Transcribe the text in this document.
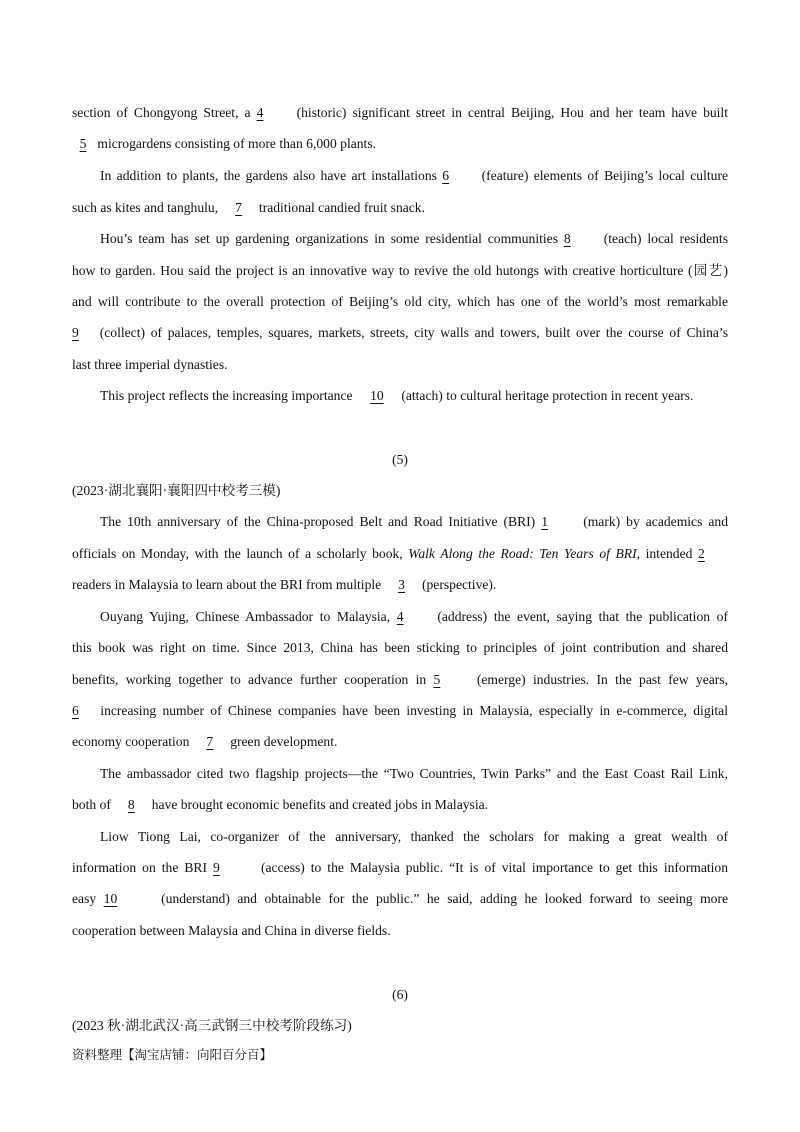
section of Chongyong Street, a 4 (historic) significant street in central Beijing, Hou and her team have built
5 microgardens consisting of more than 6,000 plants.
In addition to plants, the gardens also have art installations 6 (feature) elements of Beijing’s local culture
such as kites and tanghulu, 7 traditional candied fruit snack.
Hou’s team has set up gardening organizations in some residential communities 8 (teach) local residents
how to garden. Hou said the project is an innovative way to revive the old hutongs with creative horticulture (园艺)
and will contribute to the overall protection of Beijing’s old city, which has one of the world’s most remarkable
9 (collect) of palaces, temples, squares, markets, streets, city walls and towers, built over the course of China’s
last three imperial dynasties.
This project reflects the increasing importance 10 (attach) to cultural heritage protection in recent years.
(5)
(2023·湖北襄阳·襄阳四中校考三模)
The 10th anniversary of the China-proposed Belt and Road Initiative (BRI) 1 (mark) by academics and
officials on Monday, with the launch of a scholarly book, Walk Along the Road: Ten Years of BRI, intended 2
readers in Malaysia to learn about the BRI from multiple 3 (perspective).
Ouyang Yujing, Chinese Ambassador to Malaysia, 4 (address) the event, saying that the publication of
this book was right on time. Since 2013, China has been sticking to principles of joint contribution and shared
benefits, working together to advance further cooperation in 5 (emerge) industries. In the past few years,
6 increasing number of Chinese companies have been investing in Malaysia, especially in e-commerce, digital
economy cooperation 7 green development.
The ambassador cited two flagship projects—the “Two Countries, Twin Parks” and the East Coast Rail Link,
both of 8 have brought economic benefits and created jobs in Malaysia.
Liow Tiong Lai, co-organizer of the anniversary, thanked the scholars for making a great wealth of
information on the BRI 9	(access) to the Malaysia public. “It is of vital importance to get this information
easy 10	(understand) and obtainable for the public.” he said, adding he looked forward to seeing more
cooperation between Malaysia and China in diverse fields.
(6)
(2023 秋·湖北武汉·高三武钢三中校考阶段练习)
资料整理【淘宝店铺：向阳百分百】
